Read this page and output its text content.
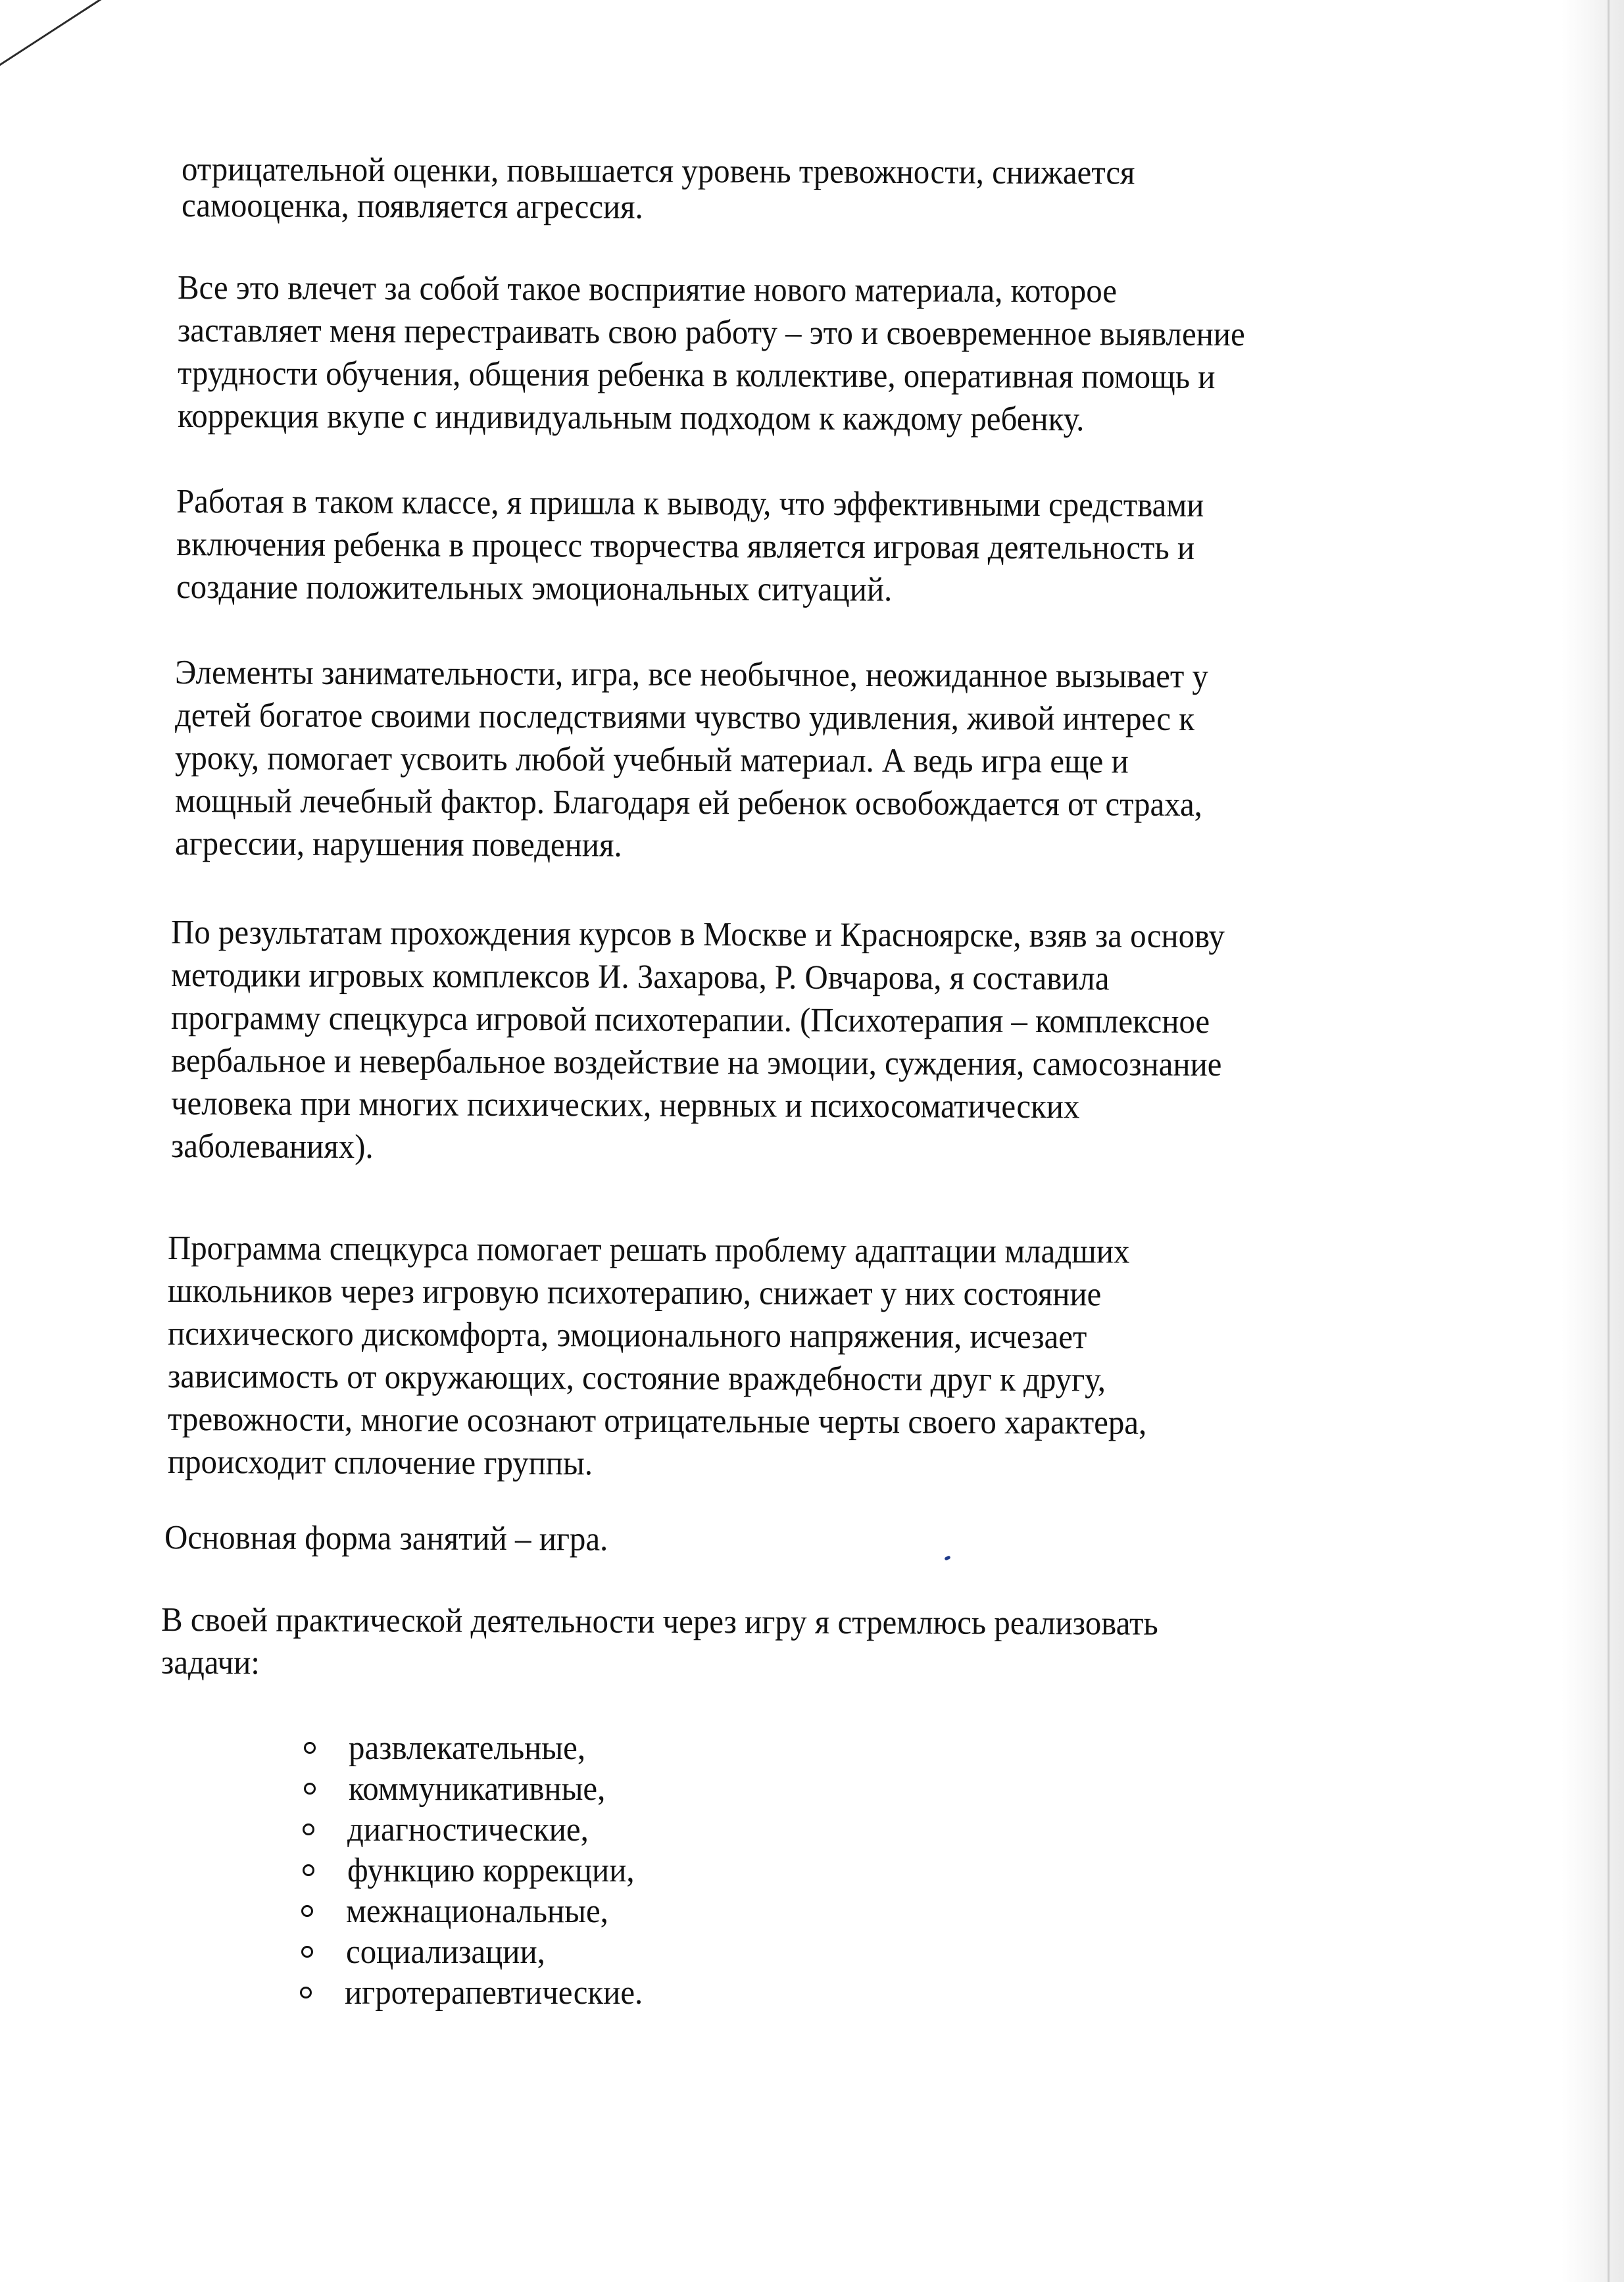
отрицательной оценки, повышается уровень тревожности, снижается
самооценка, появляется агрессия.
Все это влечет за собой такое восприятие нового материала, которое
заставляет меня перестраивать свою работу – это и своевременное выявление
трудности обучения, общения ребенка в коллективе, оперативная помощь и
коррекция вкупе с индивидуальным подходом к каждому ребенку.
Работая в таком классе, я пришла к выводу, что эффективными средствами
включения ребенка в процесс творчества является игровая деятельность и
создание положительных эмоциональных ситуаций.
Элементы занимательности, игра, все необычное, неожиданное вызывает у
детей богатое своими последствиями чувство удивления, живой интерес к
уроку, помогает усвоить любой учебный материал. А ведь игра еще и
мощный лечебный фактор. Благодаря ей ребенок освобождается от страха,
агрессии, нарушения поведения.
По результатам прохождения курсов в Москве и Красноярске, взяв за основу
методики игровых комплексов И. Захарова, Р. Овчарова, я составила
программу спецкурса игровой психотерапии. (Психотерапия – комплексное
вербальное и невербальное воздействие на эмоции, суждения, самосознание
человека при многих психических, нервных и психосоматических
заболеваниях).
Программа спецкурса помогает решать проблему адаптации младших
школьников через игровую психотерапию, снижает у них состояние
психического дискомфорта, эмоционального напряжения, исчезает
зависимость от окружающих, состояние враждебности друг к другу,
тревожности, многие осознают отрицательные черты своего характера,
происходит сплочение группы.
Основная форма занятий – игра.
В своей практической деятельности через игру я стремлюсь реализовать
задачи:
развлекательные,
коммуникативные,
диагностические,
функцию коррекции,
межнациональные,
социализации,
игротерапевтические.
